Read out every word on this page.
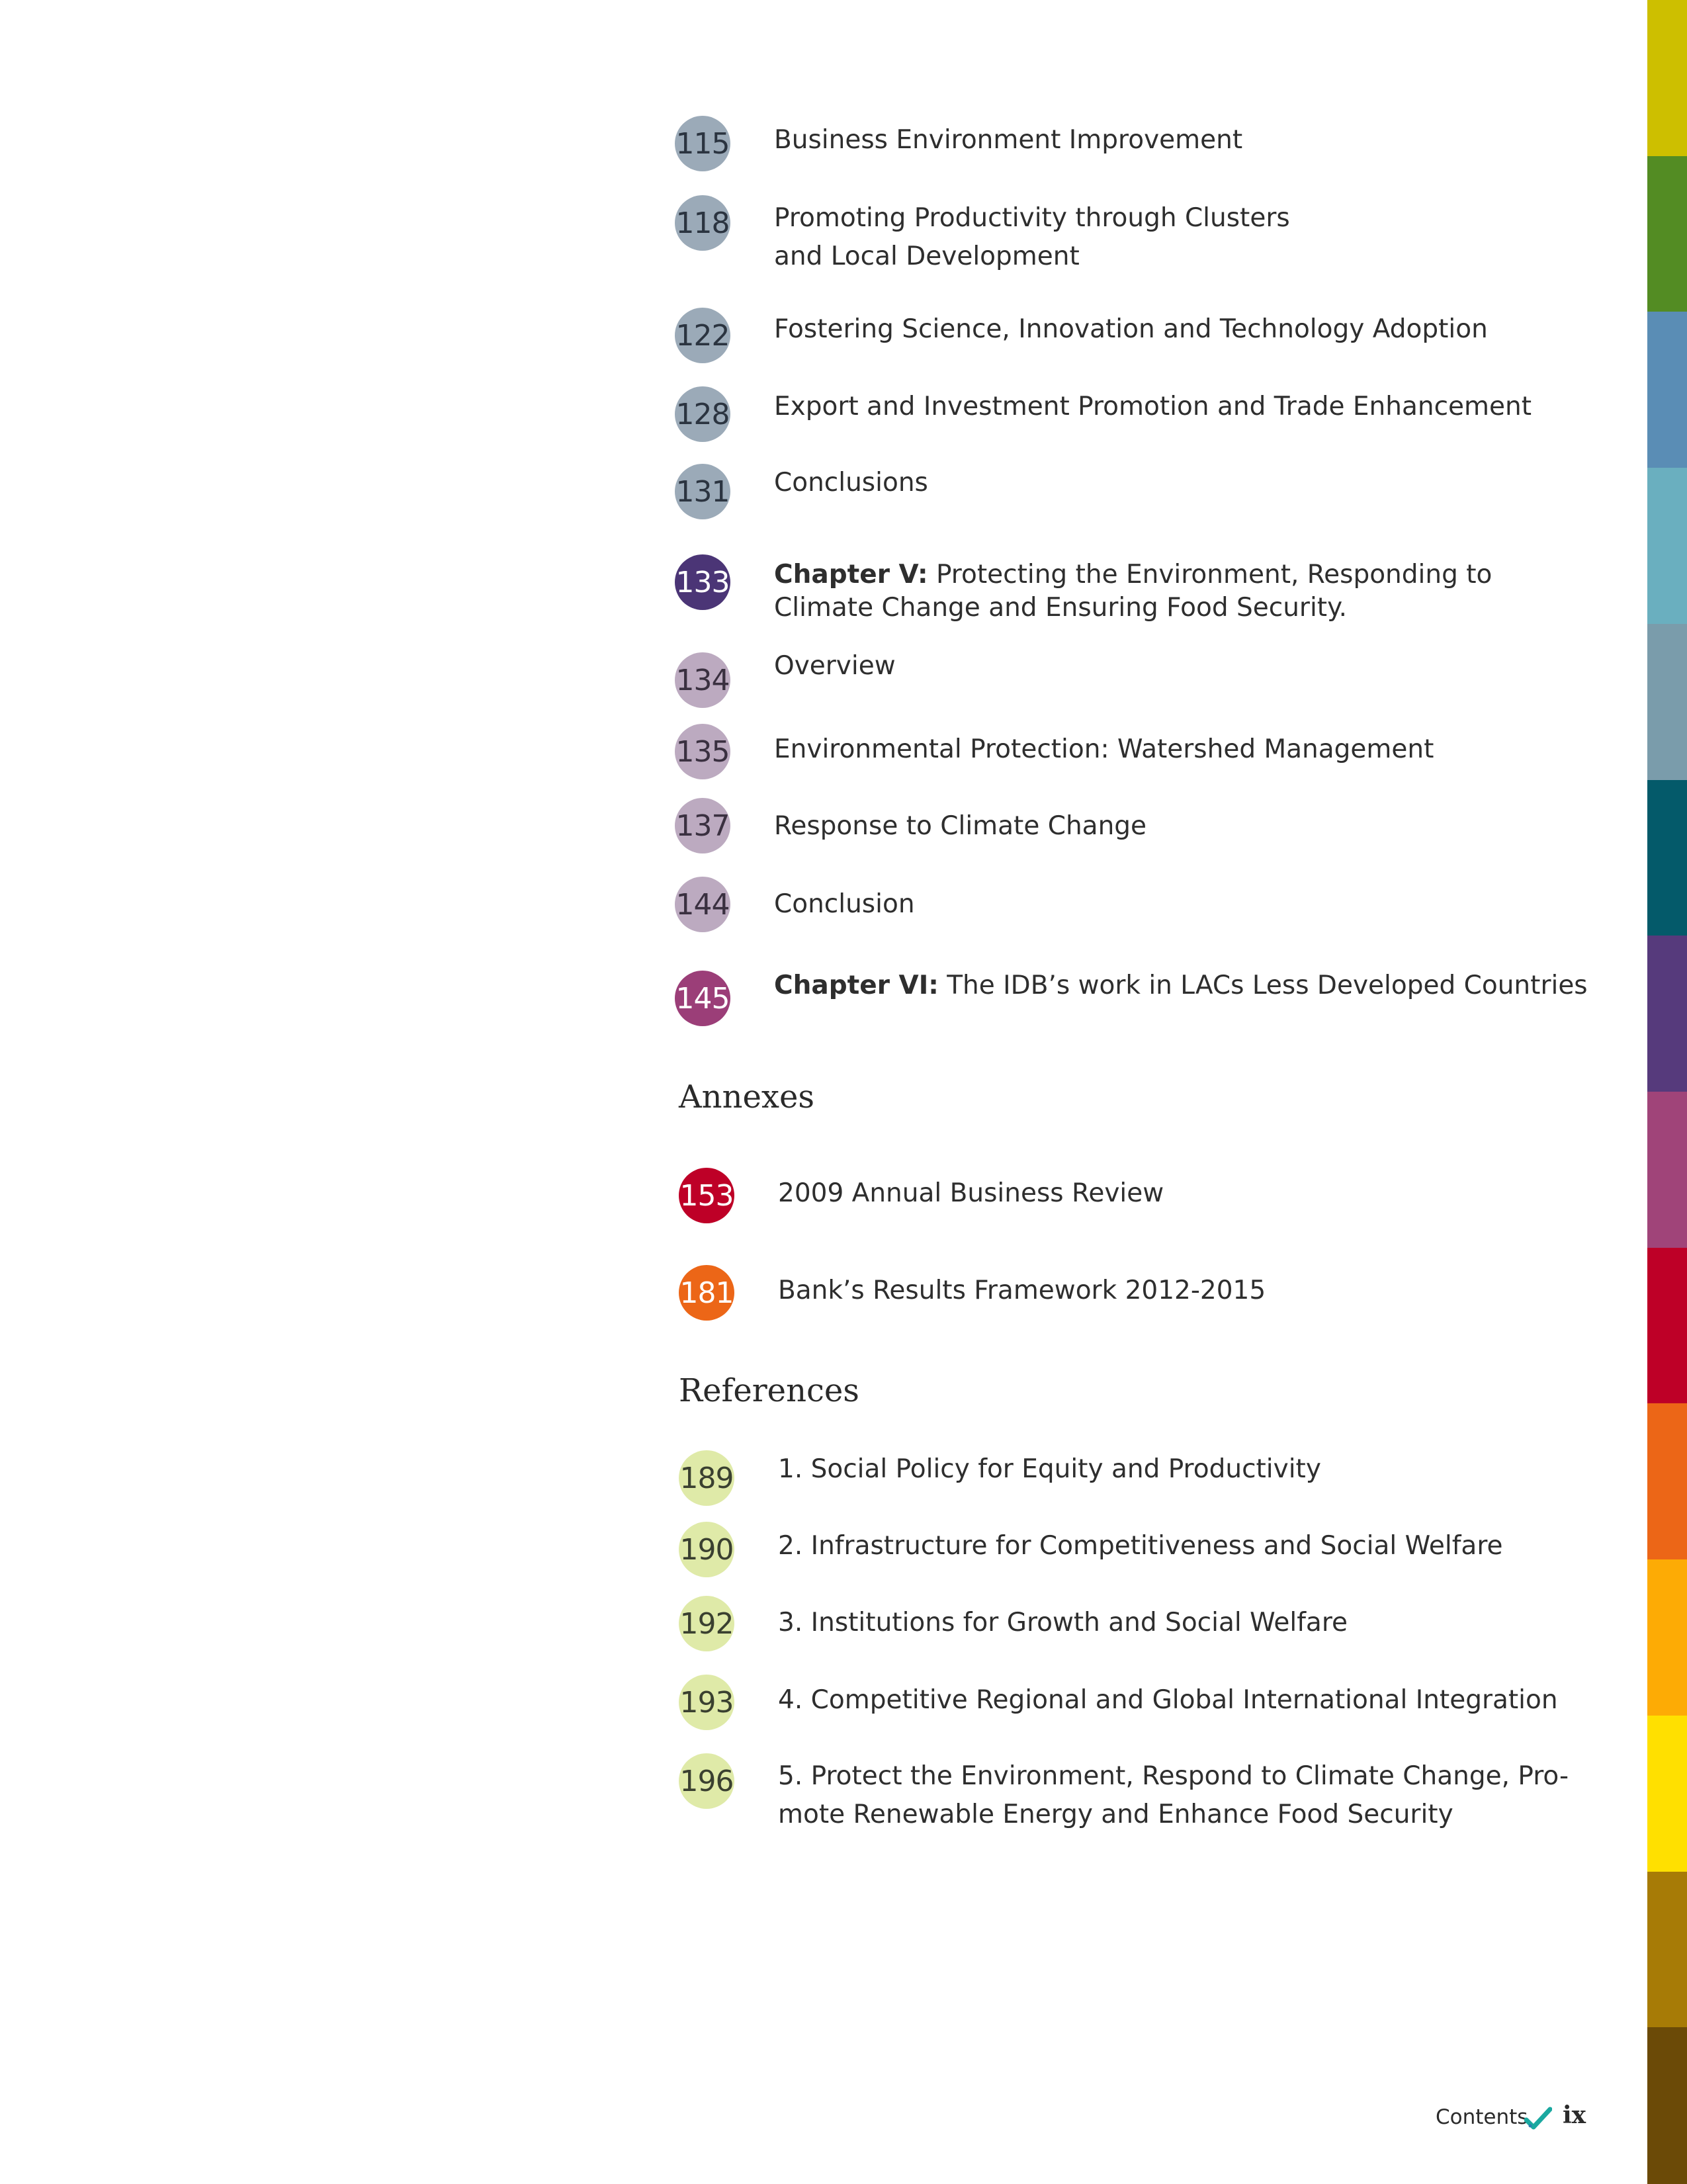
115 Business Environment Improvement
118 Promoting Productivity through Clusters
and Local Development
122 Fostering Science, Innovation and Technology Adoption
128 Export and Investment Promotion and Trade Enhancement
131 Conclusions
133 Chapter V: Protecting the Environment, Responding to
Climate Change and Ensuring Food Security.
134 Overview
135 Environmental Protection: Watershed Management
137 Response to Climate Change
144 Conclusion
145 Chapter VI: The IDB’s work in LACs Less Developed Countries
Annexes
153 2009 Annual Business Review
181 Bank’s Results Framework 2012-2015
References
189 1. Social Policy for Equity and Productivity
190 2. Infrastructure for Competitiveness and Social Welfare
192 3. Institutions for Growth and Social Welfare
193 4. Competitive Regional and Global International Integration
196 5. Protect the Environment, Respond to Climate Change, Pro-
mote Renewable Energy and Enhance Food Security
Contents ix
